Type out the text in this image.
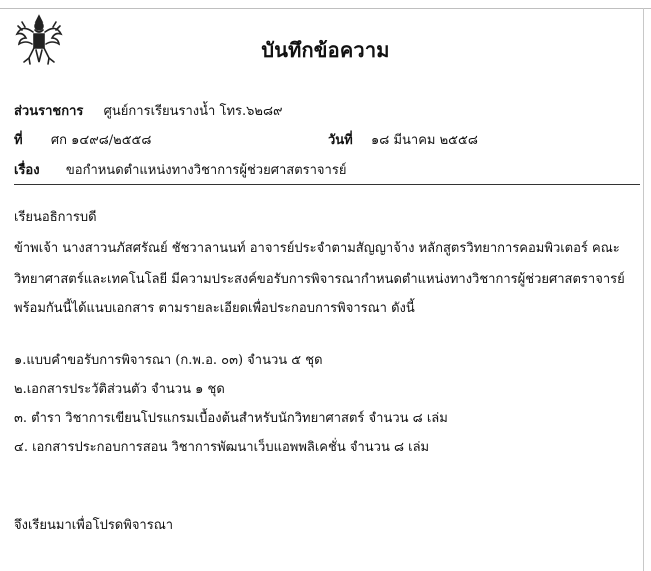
บันทึกข้อความ
ส่วนราชการ ศูนย์การเรียนรางน้ำ โทร.๖๒๘๙
ที่ ศก ๑๔๙๘/๒๕๕๘	วันที่ ๑๘ มีนาคม ๒๕๕๘
เรื่อง ขอกำหนดตำแหน่งทางวิชาการผู้ช่วยศาสตราจารย์
เรียนอธิการบดี
ข้าพเจ้า นางสาวนภัสศรัณย์ ชัชวาลานนท์ อาจารย์ประจำตามสัญญาจ้าง หลักสูตรวิทยาการคอมพิวเตอร์ คณะ
วิทยาศาสตร์และเทคโนโลยี มีความประสงค์ขอรับการพิจารณากำหนดตำแหน่งทางวิชาการผู้ช่วยศาสตราจารย์
พร้อมกันนี้ได้แนบเอกสาร ตามรายละเอียดเพื่อประกอบการพิจารณา ดังนี้
๑.แบบคำขอรับการพิจารณา (ก.พ.อ. ๐๓) จำนวน ๕ ชุด
๒.เอกสารประวัติส่วนตัว จำนวน ๑ ชุด
๓. ตำรา วิชาการเขียนโปรแกรมเบื้องต้นสำหรับนักวิทยาศาสตร์ จำนวน ๘ เล่ม
๔. เอกสารประกอบการสอน วิชาการพัฒนาเว็บแอพพลิเคชั่น จำนวน ๘ เล่ม
จึงเรียนมาเพื่อโปรดพิจารณา
